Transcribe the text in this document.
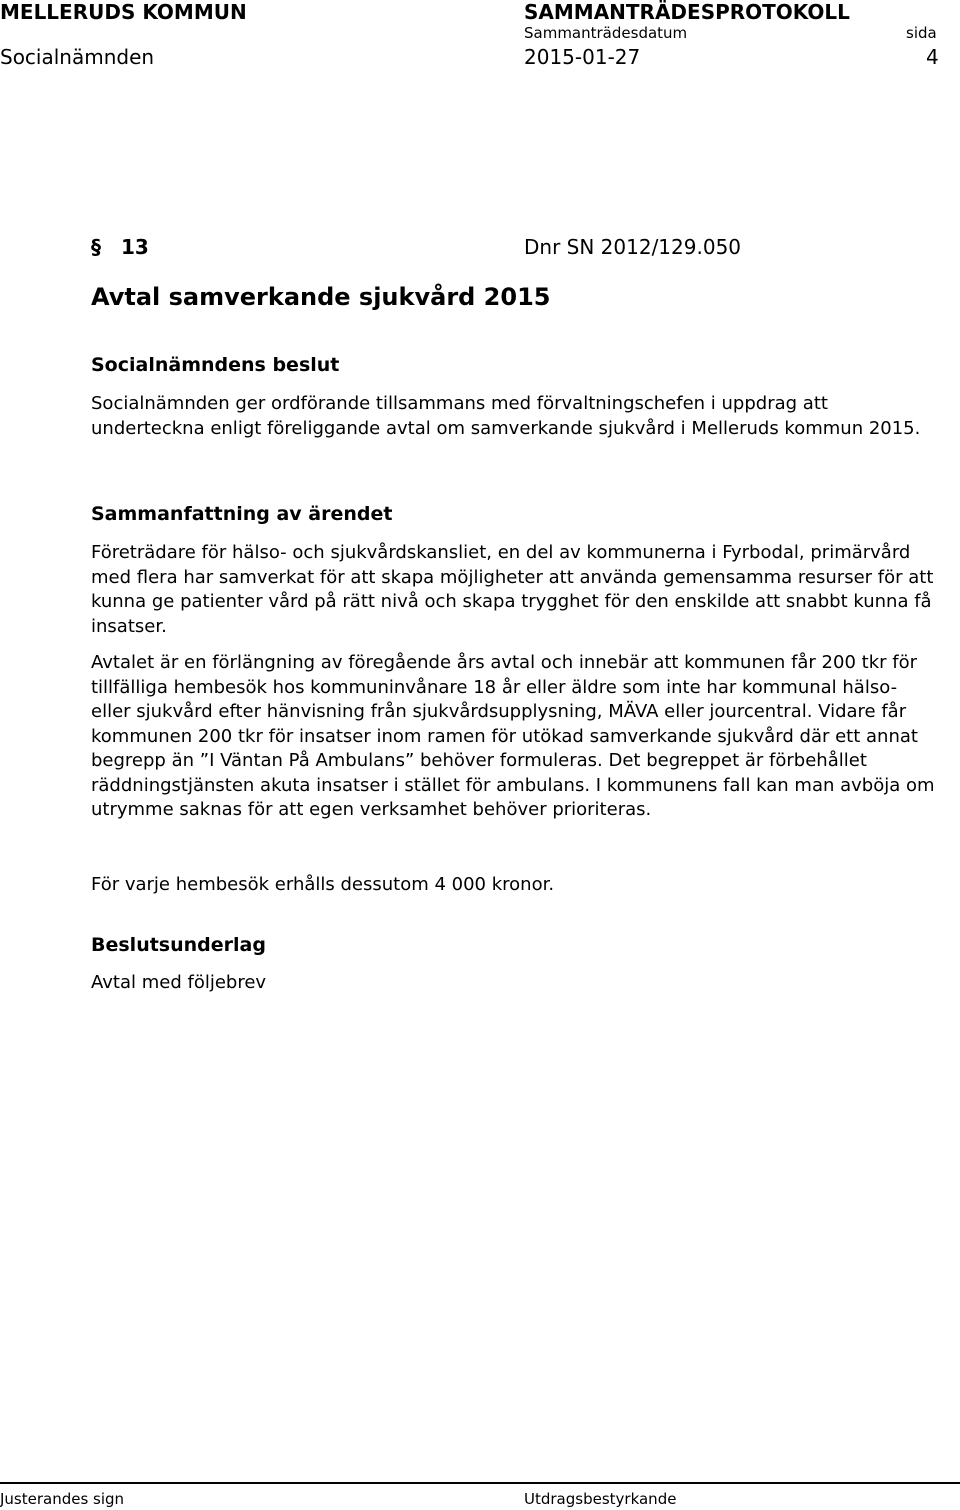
MELLERUDS KOMMUN	SAMMANTRÄDESPROTOKOLL
Sammanträdesdatum	sida
Socialnämnden	2015-01-27	4
§ 13	Dnr SN 2012/129.050
Avtal samverkande sjukvård 2015
Socialnämndens beslut
Socialnämnden ger ordförande tillsammans med förvaltningschefen i uppdrag att underteckna enligt föreliggande avtal om samverkande sjukvård i Melleruds kommun 2015.
Sammanfattning av ärendet
Företrädare för hälso- och sjukvårdskansliet, en del av kommunerna i Fyrbodal, primärvård med flera har samverkat för att skapa möjligheter att använda gemensamma resurser för att kunna ge patienter vård på rätt nivå och skapa trygghet för den enskilde att snabbt kunna få insatser.
Avtalet är en förlängning av föregående års avtal och innebär att kommunen får 200 tkr för tillfälliga hembesök hos kommuninvånare 18 år eller äldre som inte har kommunal hälso- eller sjukvård efter hänvisning från sjukvårdsupplysning, MÄVA eller jourcentral. Vidare får kommunen 200 tkr för insatser inom ramen för utökad samverkande sjukvård där ett annat begrepp än ”I Väntan På Ambulans” behöver formuleras. Det begreppet är förbehållet räddningstjänsten akuta insatser i stället för ambulans. I kommunens fall kan man avböja om utrymme saknas för att egen verksamhet behöver prioriteras.
För varje hembesök erhålls dessutom 4 000 kronor.
Beslutsunderlag
Avtal med följebrev
Justerandes sign	Utdragsbestyrkande
